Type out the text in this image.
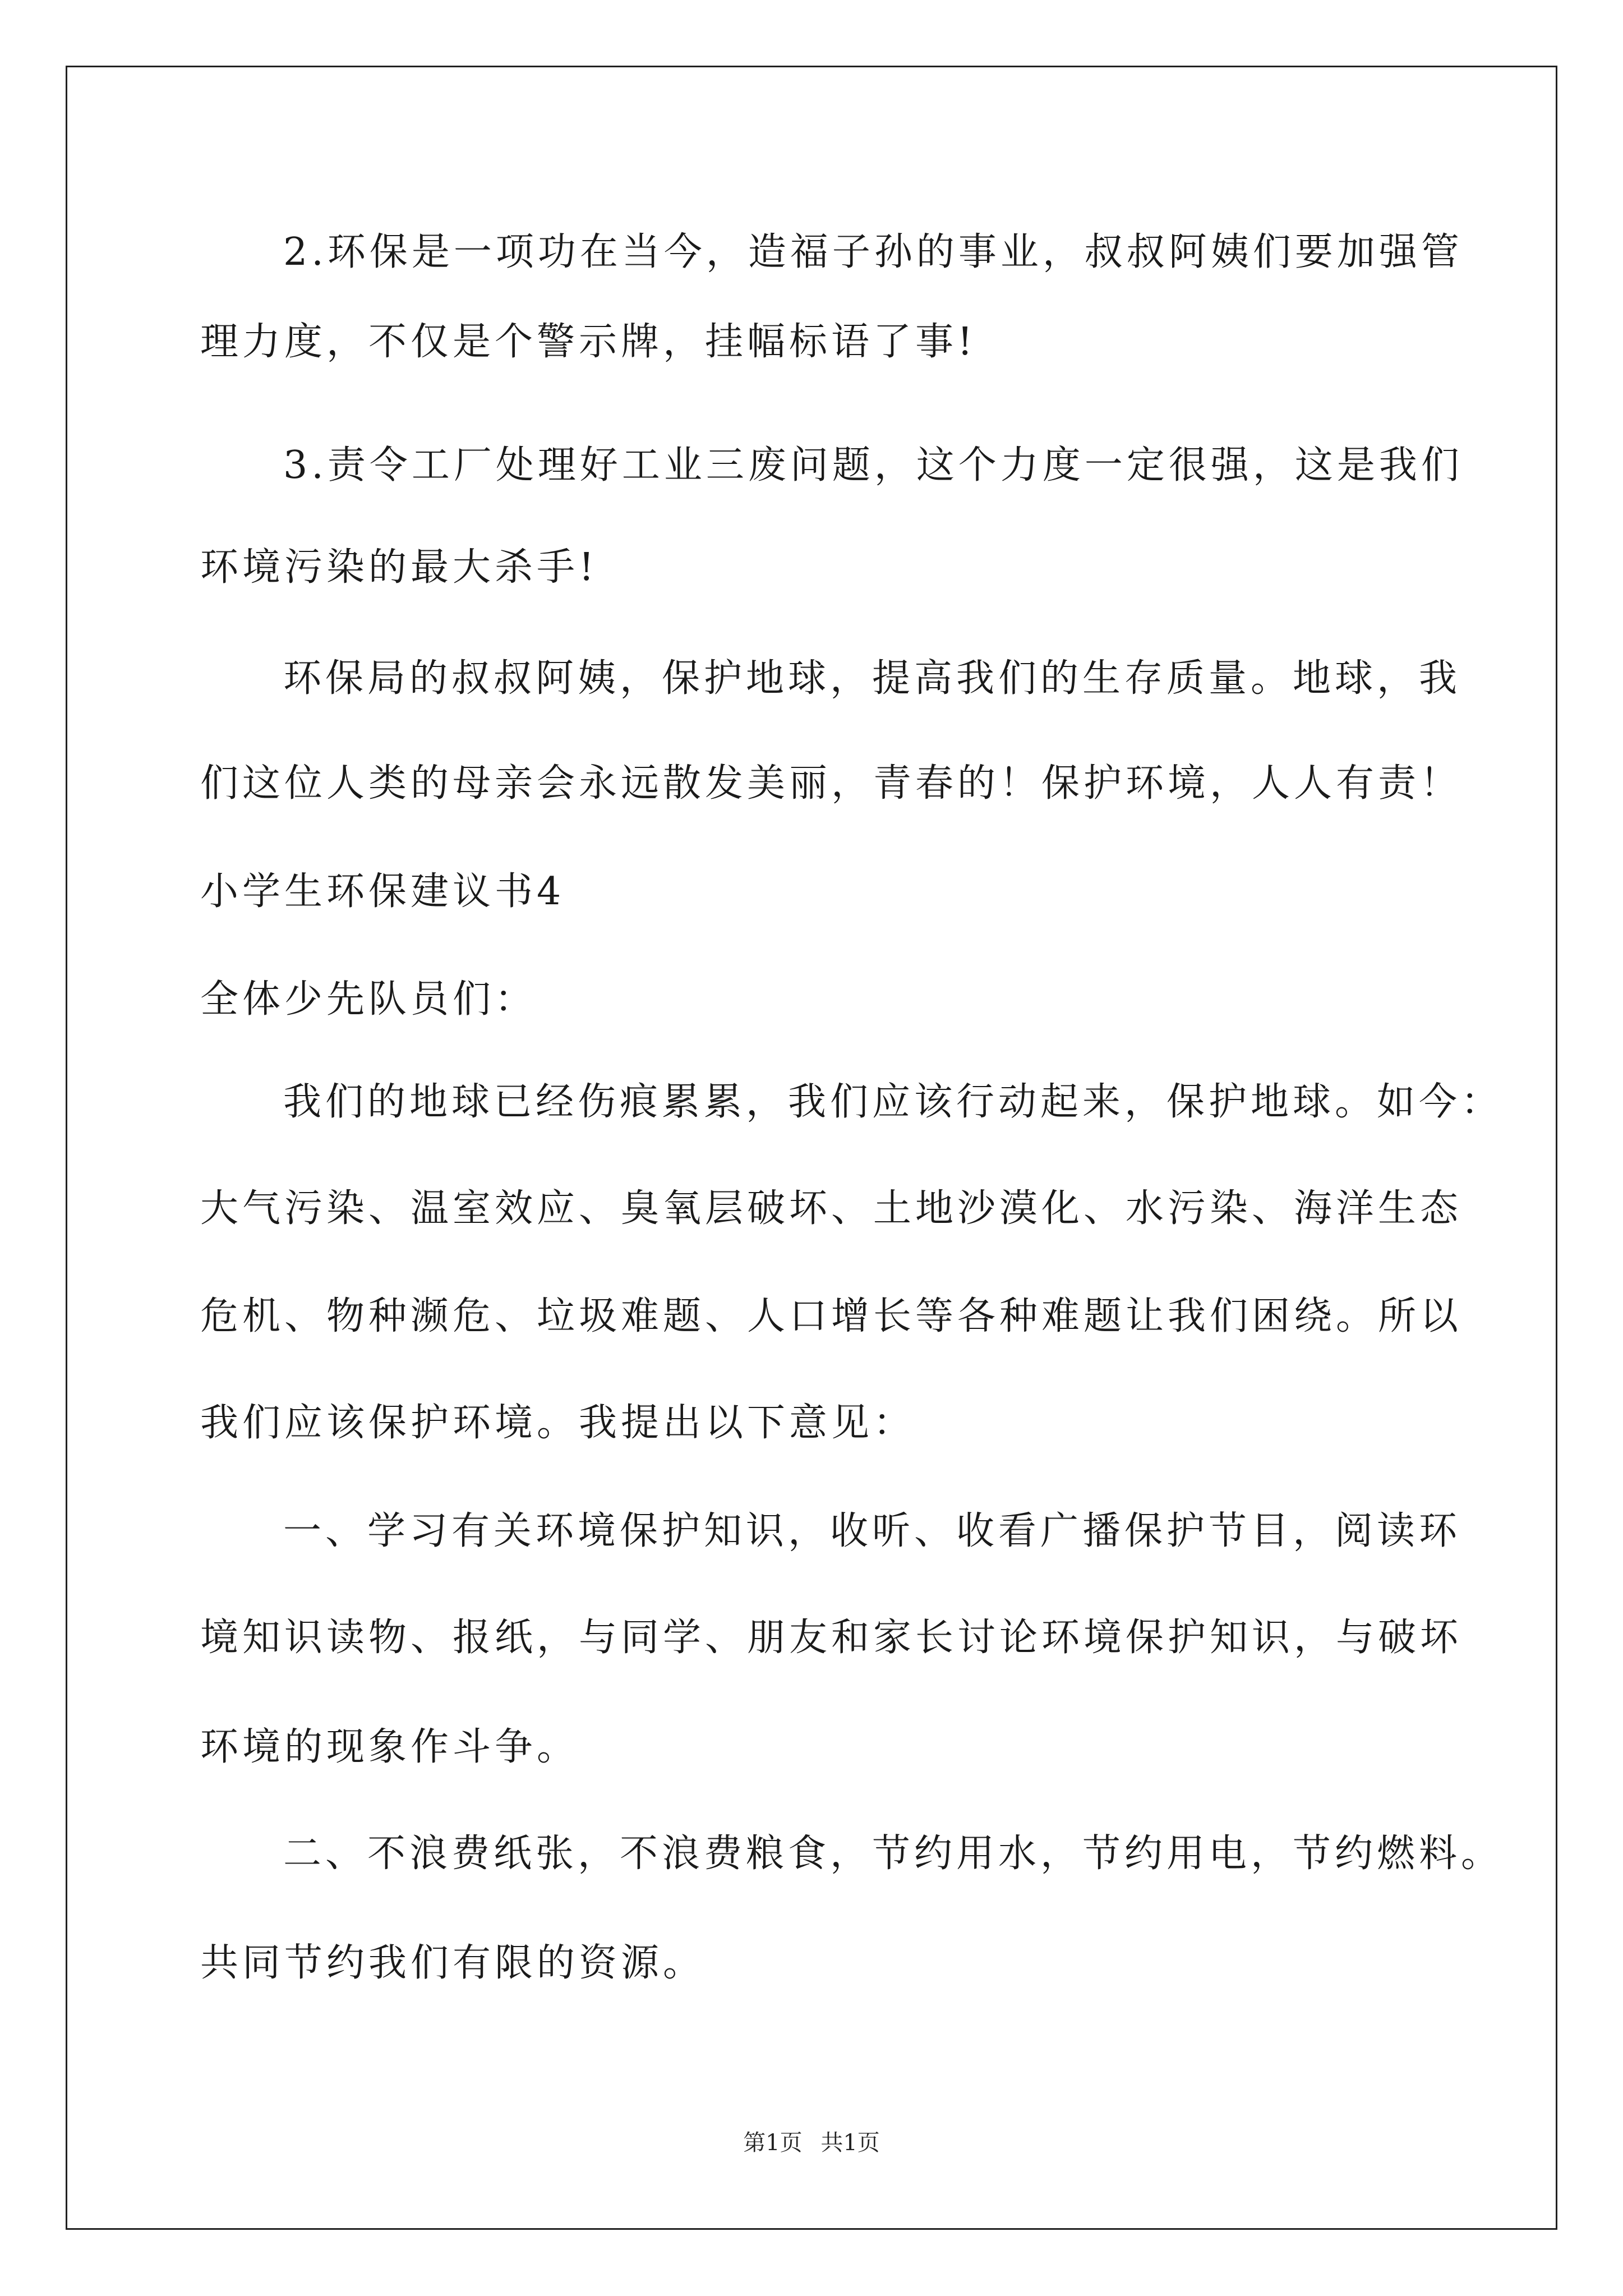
2.环保是一项功在当今，造福子孙的事业，叔叔阿姨们要加强管
理力度，不仅是个警示牌，挂幅标语了事!
3.责令工厂处理好工业三废问题，这个力度一定很强，这是我们
环境污染的最大杀手!
环保局的叔叔阿姨，保护地球，提高我们的生存质量。地球，我
们这位人类的母亲会永远散发美丽，青春的！保护环境，人人有责！
小学生环保建议书4
全体少先队员们：
我们的地球已经伤痕累累，我们应该行动起来，保护地球。如今：
大气污染、温室效应、臭氧层破坏、土地沙漠化、水污染、海洋生态
危机、物种濒危、垃圾难题、人口增长等各种难题让我们困绕。所以
我们应该保护环境。我提出以下意见：
一、学习有关环境保护知识，收听、收看广播保护节目，阅读环
境知识读物、报纸，与同学、朋友和家长讨论环境保护知识，与破坏
环境的现象作斗争。
二、不浪费纸张，不浪费粮食，节约用水，节约用电，节约燃料。
共同节约我们有限的资源。
第1页 共1页
